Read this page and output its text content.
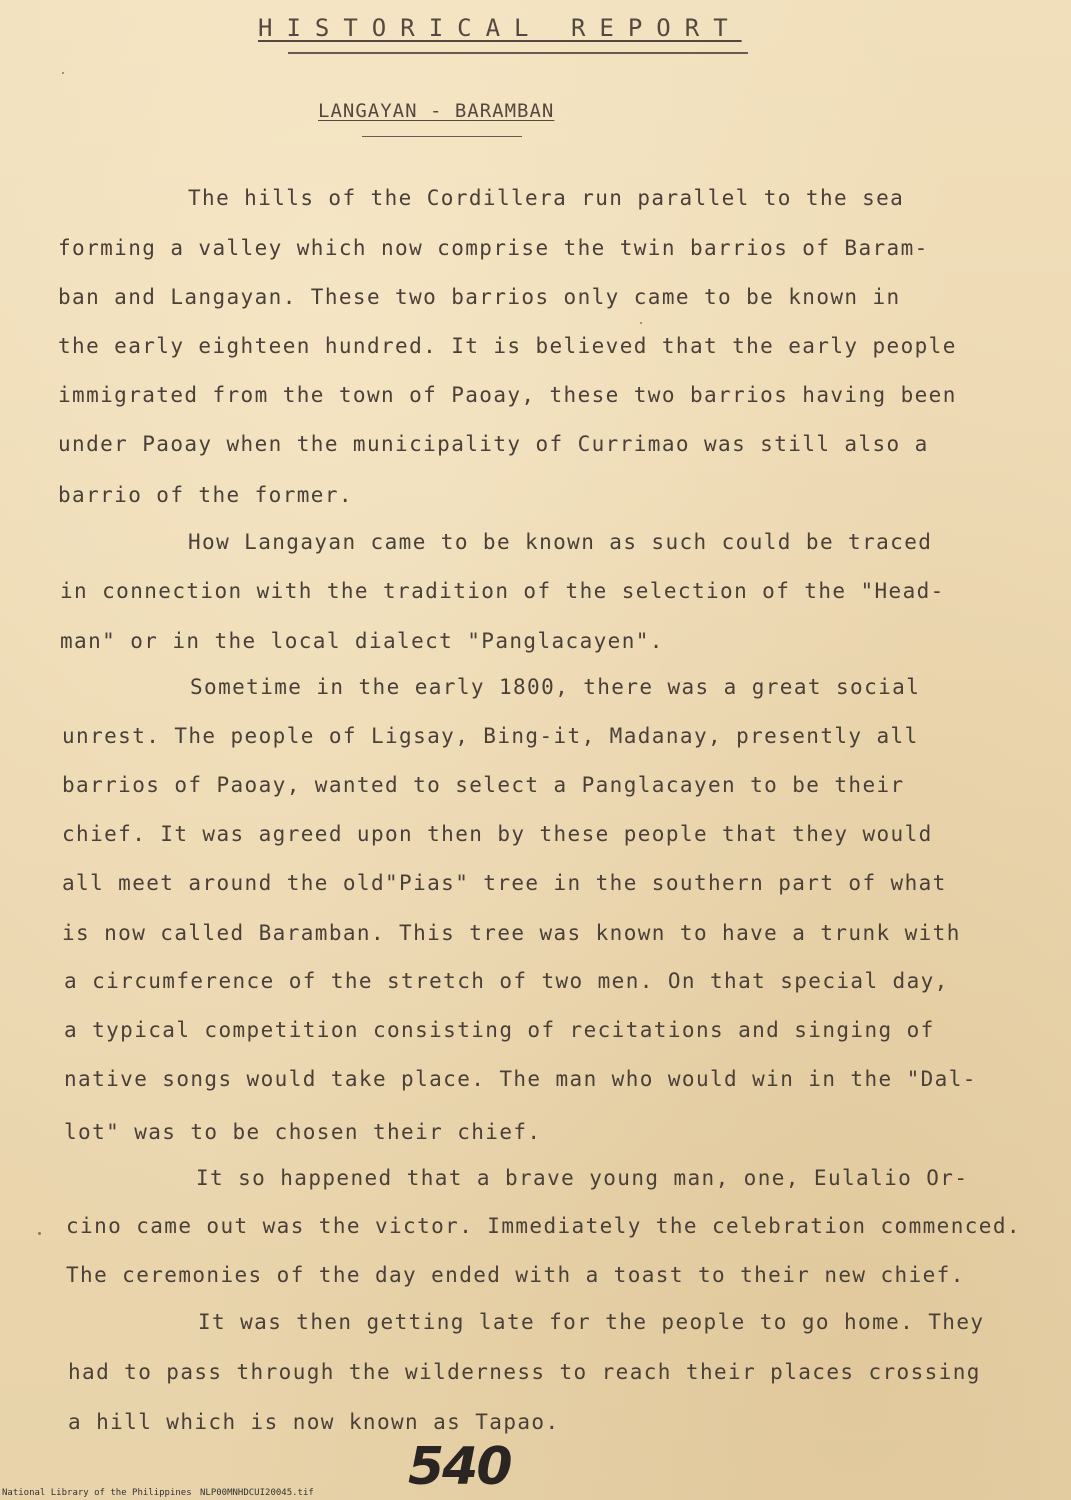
HISTORICAL REPORT
LANGAYAN - BARAMBAN
The hills of the Cordillera run parallel to the sea
forming a valley which now comprise the twin barrios of Baram-
ban and Langayan. These two barrios only came to be known in
the early eighteen hundred. It is believed that the early people
immigrated from the town of Paoay, these two barrios having been
under Paoay when the municipality of Currimao was still also a
barrio of the former.
How Langayan came to be known as such could be traced
in connection with the tradition of the selection of the "Head-
man" or in the local dialect "Panglacayen".
Sometime in the early 1800, there was a great social
unrest. The people of Ligsay, Bing-it, Madanay, presently all
barrios of Paoay, wanted to select a Panglacayen to be their
chief. It was agreed upon then by these people that they would
all meet around the old"Pias" tree in the southern part of what
is now called Baramban. This tree was known to have a trunk with
a circumference of the stretch of two men. On that special day,
a typical competition consisting of recitations and singing of
native songs would take place. The man who would win in the "Dal-
lot" was to be chosen their chief.
It so happened that a brave young man, one, Eulalio Or-
cino came out was the victor. Immediately the celebration commenced.
The ceremonies of the day ended with a toast to their new chief.
It was then getting late for the people to go home. They
had to pass through the wilderness to reach their places crossing
a hill which is now known as Tapao.
540
National Library of the Philippines NLP00MNHDCUI20045.tif
